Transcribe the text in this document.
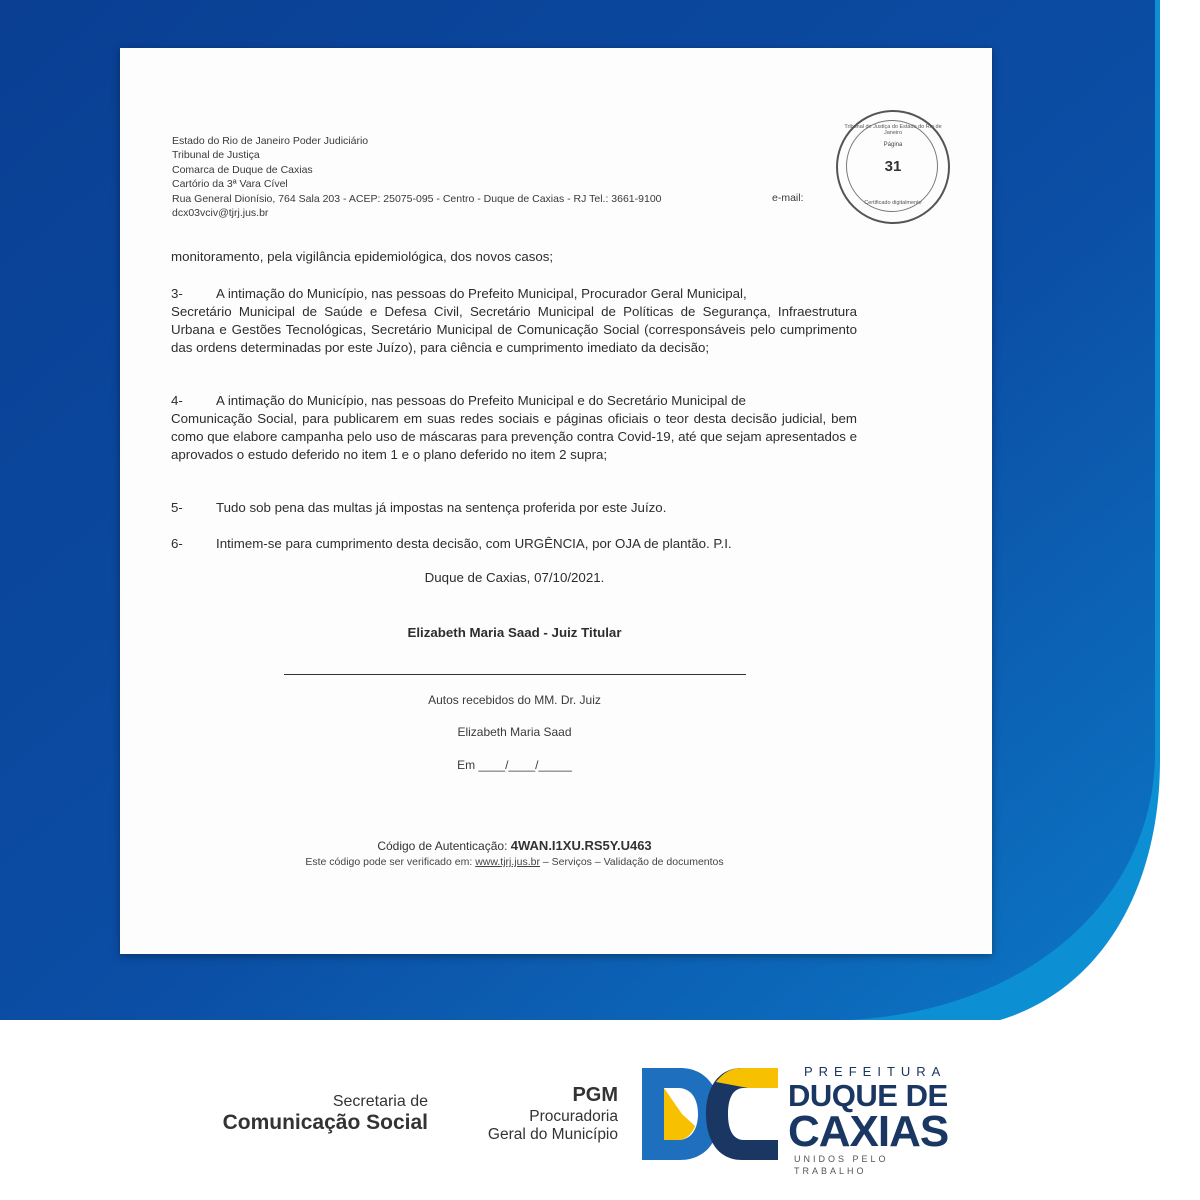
Estado do Rio de Janeiro Poder Judiciário
Tribunal de Justiça
Comarca de Duque de Caxias
Cartório da 3ª Vara Cível
Rua General Dionísio, 764 Sala 203 - ACEP: 25075-095 - Centro - Duque de Caxias - RJ Tel.: 3661-9100
dcx03vciv@tjrj.jus.br
e-mail:
Tribunal de Justiça do Estado do Rio de Janeiro
Página
31
Certificado digitalmente
monitoramento, pela vigilância epidemiológica, dos novos casos;
3- A intimação do Município, nas pessoas do Prefeito Municipal, Procurador Geral Municipal,
Secretário Municipal de Saúde e Defesa Civil, Secretário Municipal de Políticas de Segurança, Infraestrutura Urbana e Gestões Tecnológicas, Secretário Municipal de Comunicação Social (corresponsáveis pelo cumprimento das ordens determinadas por este Juízo), para ciência e cumprimento imediato da decisão;
4- A intimação do Município, nas pessoas do Prefeito Municipal e do Secretário Municipal de
Comunicação Social, para publicarem em suas redes sociais e páginas oficiais o teor desta decisão judicial, bem como que elabore campanha pelo uso de máscaras para prevenção contra Covid-19, até que sejam apresentados e aprovados o estudo deferido no item 1 e o plano deferido no item 2 supra;
5- Tudo sob pena das multas já impostas na sentença proferida por este Juízo.
6- Intimem-se para cumprimento desta decisão, com URGÊNCIA, por OJA de plantão. P.I.
Duque de Caxias, 07/10/2021.
Elizabeth Maria Saad - Juiz Titular
Autos recebidos do MM. Dr. Juiz
Elizabeth Maria Saad
Em ____/____/_____
Código de Autenticação: 4WAN.I1XU.RS5Y.U463
Este código pode ser verificado em: www.tjrj.jus.br – Serviços – Validação de documentos
Secretaria de
Comunicação Social
PGM
Procuradoria
Geral do Município
PREFEITURA
DUQUE DE
CAXIAS
UNIDOS PELO TRABALHO
